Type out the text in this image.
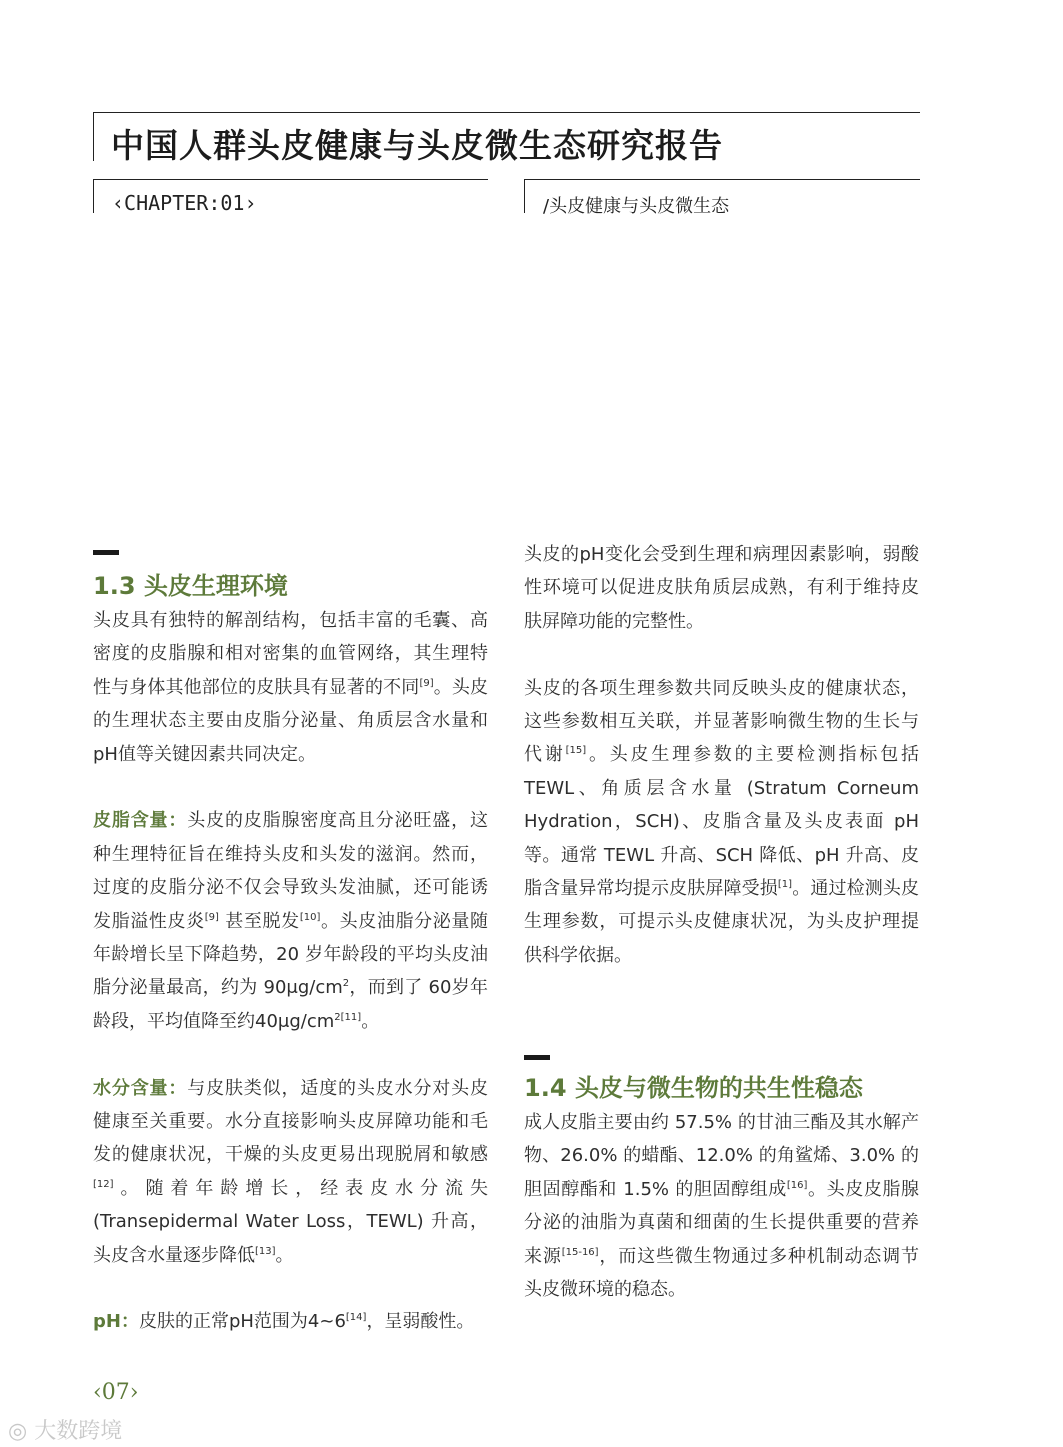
中国人群头皮健康与头皮微生态研究报告
‹CHAPTER:01›	/头皮健康与头皮微生态
1.3 头皮生理环境

头皮具有独特的解剖结构，包括丰富的毛囊、高密度的皮脂腺和相对密集的血管网络，其生理特性与身体其他部位的皮肤具有显著的不同[9]。头皮的生理状态主要由皮脂分泌量、角质层含水量和pH值等关键因素共同决定。

皮脂含量：头皮的皮脂腺密度高且分泌旺盛，这种生理特征旨在维持头皮和头发的滋润。然而，过度的皮脂分泌不仅会导致头发油腻，还可能诱发脂溢性皮炎[9] 甚至脱发[10]。头皮油脂分泌量随年龄增长呈下降趋势，20 岁年龄段的平均头皮油脂分泌量最高，约为 $90\mu g/cm^2$，而到了 60岁年龄段，平均值降至约$40\mu g/cm^{2[11]}$。

水分含量：与皮肤类似，适度的头皮水分对头皮健康至关重要。水分直接影响头皮屏障功能和毛发的健康状况，干燥的头皮更易出现脱屑和敏感[12]。随着年龄增长，经表皮水分流失 (Transepidermal Water Loss，TEWL) 升高，头皮含水量逐步降低[13]。

pH：皮肤的正常pH范围为4~6[14]，呈弱酸性。

头皮的pH变化会受到生理和病理因素影响，弱酸性环境可以促进皮肤角质层成熟，有利于维持皮肤屏障功能的完整性。

头皮的各项生理参数共同反映头皮的健康状态，这些参数相互关联，并显著影响微生物的生长与代谢[15]。头皮生理参数的主要检测指标包括 TEWL、角质层含水量 (Stratum Corneum Hydration，SCH)、皮脂含量及头皮表面 pH 等。通常 TEWL 升高、SCH 降低、pH 升高、皮脂含量异常均提示皮肤屏障受损[1]。通过检测头皮生理参数，可提示头皮健康状况，为头皮护理提供科学依据。

1.4 头皮与微生物的共生性稳态

成人皮脂主要由约 57.5% 的甘油三酯及其水解产物、26.0% 的蜡酯、12.0% 的角鲨烯、3.0% 的胆固醇酯和 1.5% 的胆固醇组成[16]。头皮皮脂腺分泌的油脂为真菌和细菌的生长提供重要的营养来源[15-16]，而这些微生物通过多种机制动态调节头皮微环境的稳态。

‹07›
◎ 大数跨境
